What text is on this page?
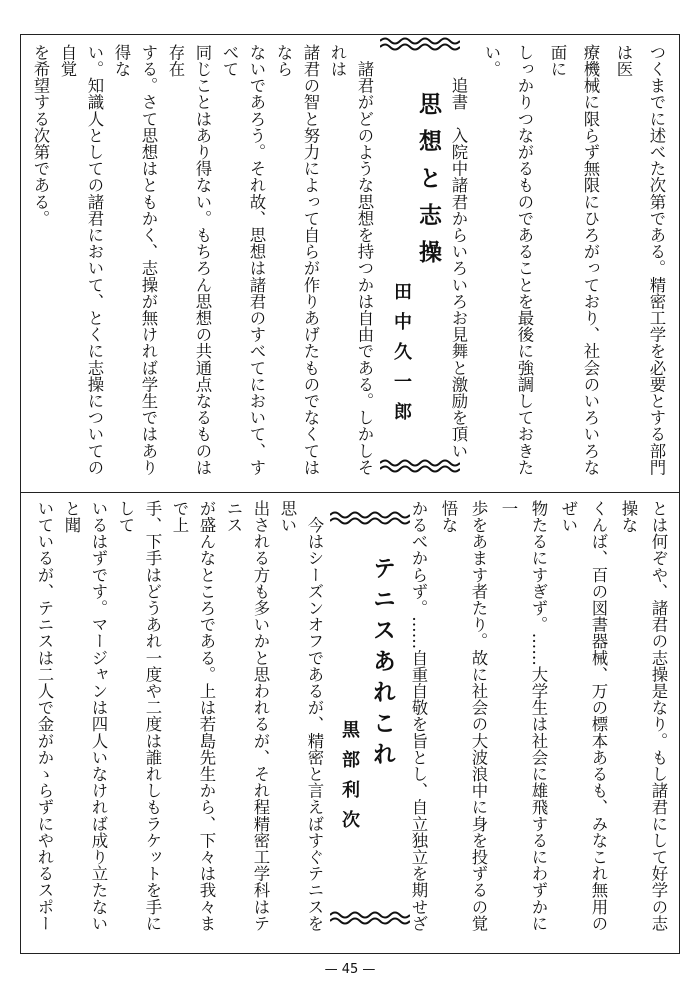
つくまでに述べた次第である。精密工学を必要とする部門は医
療機械に限らず無限にひろがっており、社会のいろいろな面に
しっかりつながるものであることを最後に強調しておきたい。
　　追書　入院中諸君からいろいろお見舞と激励を頂い
思想と志操
田中久一郎
　諸君がどのような思想を持つかは自由である。しかしそれは
諸君の智と努力によって自らが作りあげたものでなくてはなら
ないであろう。それ故、思想は諸君のすべてにおいて、すべて
同じことはあり得ない。もちろん思想の共通点なるものは存在
する。さて思想はともかく、志操が無ければ学生ではあり得な
い。知識人としての諸君において、とくに志操についての自覚
を希望する次第である。
とは何ぞや、諸君の志操是なり。もし諸君にして好学の志操な
くんば、百の図書器械、万の標本あるも、みなこれ無用のぜい
物たるにすぎず。……大学生は社会に雄飛するにわずかに一
歩をあます者たり。故に社会の大波浪中に身を投ずるの覚悟な
かるべからず。……自重自敬を旨とし、自立独立を期せざ
テニスあれこれ
黒部利次
　今はシーズンオフであるが、精密と言えばすぐテニスを思い
出される方も多いかと思われるが、それ程精密工学科はテニス
が盛んなところである。上は若島先生から、下々は我々まで上
手、下手はどうあれ一度や二度は誰れしもラケットを手にして
いるはずです。マージャンは四人いなければ成り立たないと聞
いているが、テニスは二人で金がかゝらずにやれるスポー
— 45 —
